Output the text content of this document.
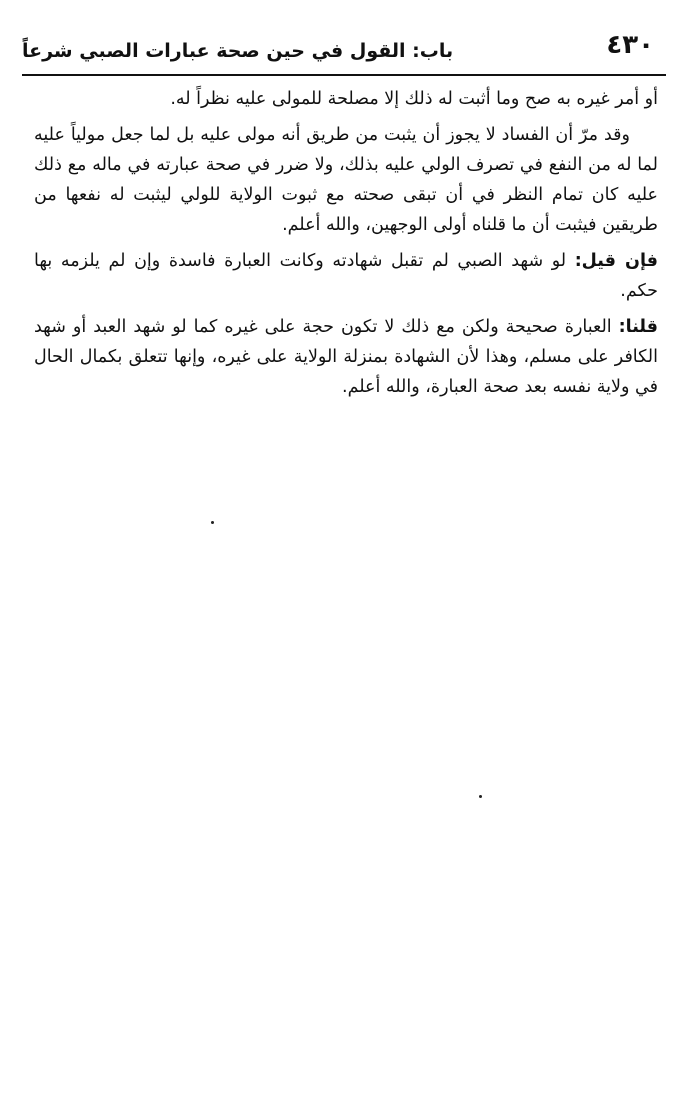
٤٣٠
باب: القول في حين صحة عبارات الصبي شرعاً

أو أمر غيره به صح وما أثبت له ذلك إلا مصلحة للمولى عليه نظراً له.

وقد مرّ أن الفساد لا يجوز أن يثبت من طريق أنه مولى عليه بل لما جعل مولياً عليه لما له من النفع في تصرف الولي عليه بذلك، ولا ضرر في صحة عبارته في ماله مع ذلك عليه كان تمام النظر في أن تبقى صحته مع ثبوت الولاية للولي ليثبت له نفعها من طريقين فيثبت أن ما قلناه أولى الوجهين، والله أعلم.

فإن قيل: لو شهد الصبي لم تقبل شهادته وكانت العبارة فاسدة وإن لم يلزمه بها حكم.

قلنا: العبارة صحيحة ولكن مع ذلك لا تكون حجة على غيره كما لو شهد العبد أو شهد الكافر على مسلم، وهذا لأن الشهادة بمنزلة الولاية على غيره، وإنها تتعلق بكمال الحال في ولاية نفسه بعد صحة العبارة، والله أعلم.
